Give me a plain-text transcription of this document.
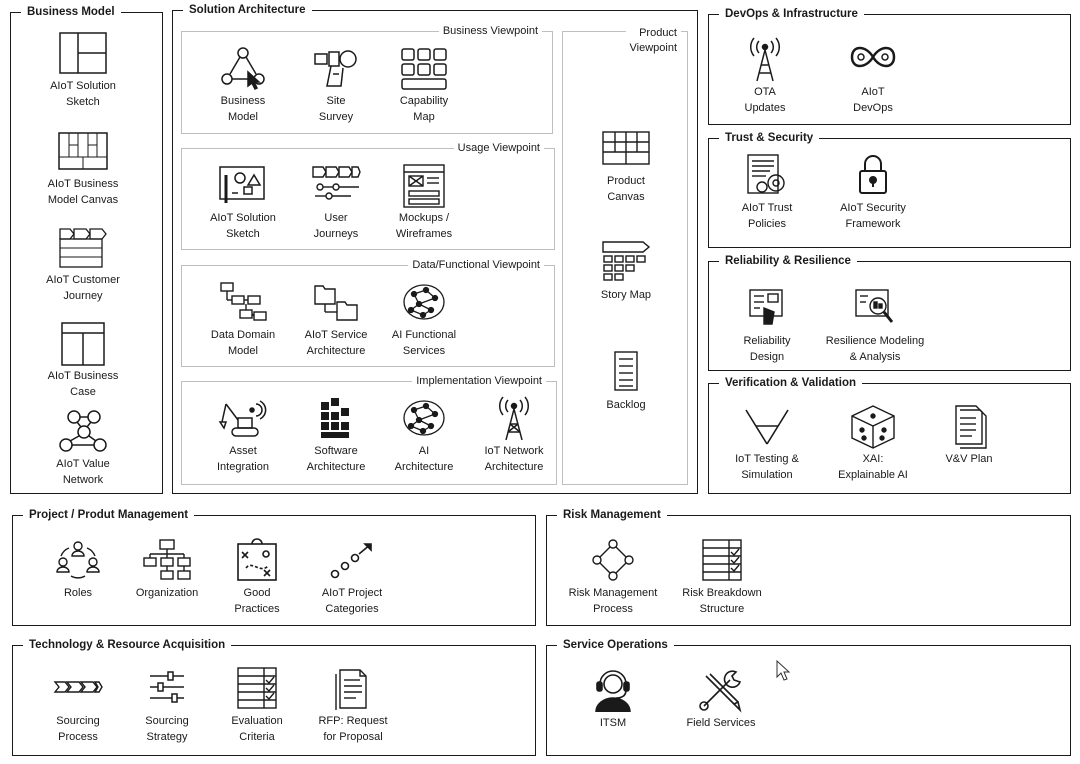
Business Model
AIoT Solution
Sketch
AIoT Business
Model Canvas
AIoT Customer
Journey
AIoT Business
Case
AIoT Value
Network
Solution Architecture
Business Viewpoint
Business
Model
Site
Survey
Capability
Map
Usage Viewpoint
AIoT Solution
Sketch
User
Journeys
Mockups /
Wireframes
Data/Functional Viewpoint
Data Domain
Model
AIoT Service
Architecture
AI Functional
Services
Implementation Viewpoint
Asset
Integration
Software
Architecture
AI
Architecture
IoT Network
Architecture
Product
Viewpoint
Product
Canvas
Story Map
Backlog
DevOps & Infrastructure
OTA
Updates
AIoT
DevOps
Trust & Security
AIoT Trust
Policies
AIoT Security
Framework
Reliability & Resilience
Reliability
Design
Resilience Modeling
& Analysis
Verification & Validation
IoT Testing &
Simulation
XAI:
Explainable AI
V&V Plan
Project / Produt Management
Roles	Organization	Good
Practices
AIoT Project
Categories
Risk Management
Risk Management
Process
Risk Breakdown
Structure
Technology & Resource Acquisition
Sourcing
Process
Sourcing
Strategy
Evaluation
Criteria
RFP: Request
for Proposal
Service Operations
ITSM	Field Services
